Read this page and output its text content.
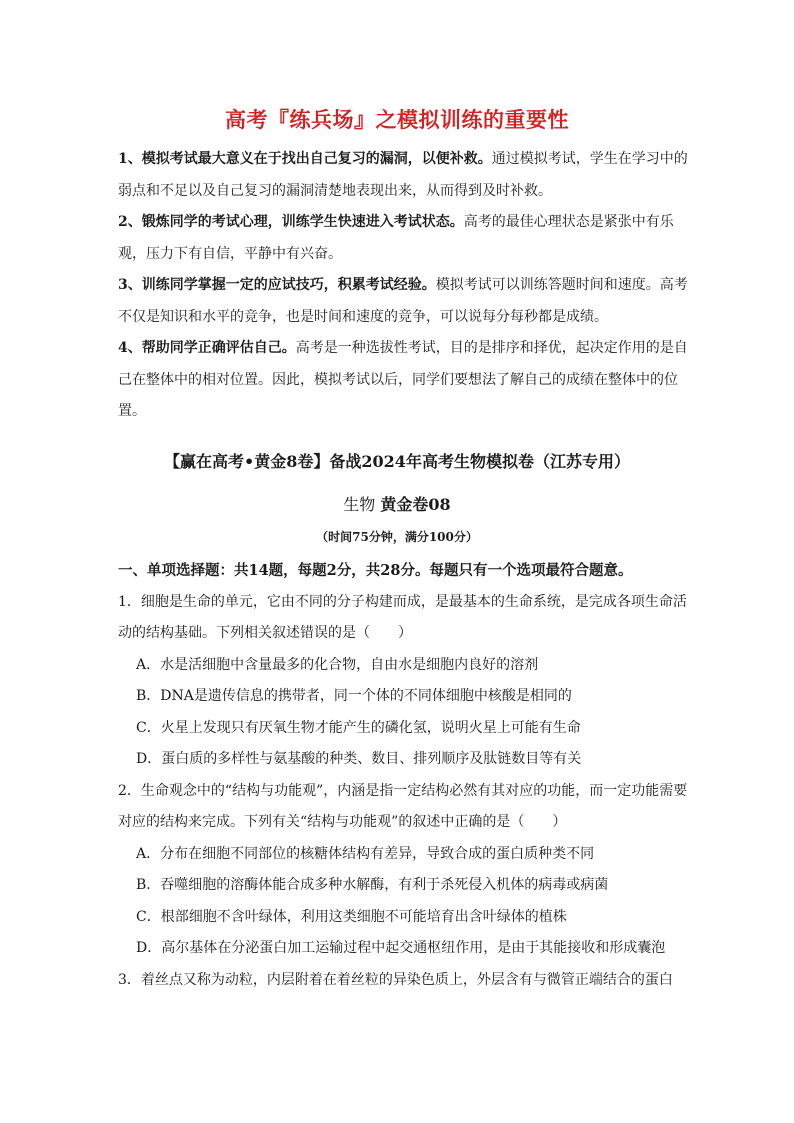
高考『练兵场』之模拟训练的重要性

1、模拟考试最大意义在于找出自己复习的漏洞，以便补救。通过模拟考试，学生在学习中的弱点和不足以及自己复习的漏洞清楚地表现出来，从而得到及时补救。

2、锻炼同学的考试心理，训练学生快速进入考试状态。高考的最佳心理状态是紧张中有乐观，压力下有自信，平静中有兴奋。

3、训练同学掌握一定的应试技巧，积累考试经验。模拟考试可以训练答题时间和速度。高考不仅是知识和水平的竞争，也是时间和速度的竞争，可以说每分每秒都是成绩。

4、帮助同学正确评估自己。高考是一种选拔性考试，目的是排序和择优，起决定作用的是自己在整体中的相对位置。因此，模拟考试以后，同学们要想法了解自己的成绩在整体中的位置。

【赢在高考•黄金8卷】备战2024年高考生物模拟卷（江苏专用）
生物 黄金卷08
（时间75分钟，满分100分）

一、单项选择题：共14题，每题2分，共28分。每题只有一个选项最符合题意。

1．细胞是生命的单元，它由不同的分子构建而成，是最基本的生命系统，是完成各项生命活动的结构基础。下列相关叙述错误的是（　　）

A．水是活细胞中含量最多的化合物，自由水是细胞内良好的溶剂

B．DNA是遗传信息的携带者，同一个体的不同体细胞中核酸是相同的

C．火星上发现只有厌氧生物才能产生的磷化氢，说明火星上可能有生命

D．蛋白质的多样性与氨基酸的种类、数目、排列顺序及肽链数目等有关

2．生命观念中的“结构与功能观”，内涵是指一定结构必然有其对应的功能，而一定功能需要对应的结构来完成。下列有关“结构与功能观”的叙述中正确的是（　　）

A．分布在细胞不同部位的核糖体结构有差异，导致合成的蛋白质种类不同

B．吞噬细胞的溶酶体能合成多种水解酶，有利于杀死侵入机体的病毒或病菌

C．根部细胞不含叶绿体，利用这类细胞不可能培育出含叶绿体的植株

D．高尔基体在分泌蛋白加工运输过程中起交通枢纽作用，是由于其能接收和形成囊泡

3．着丝点又称为动粒，内层附着在着丝粒的异染色质上，外层含有与微管正端结合的蛋白
